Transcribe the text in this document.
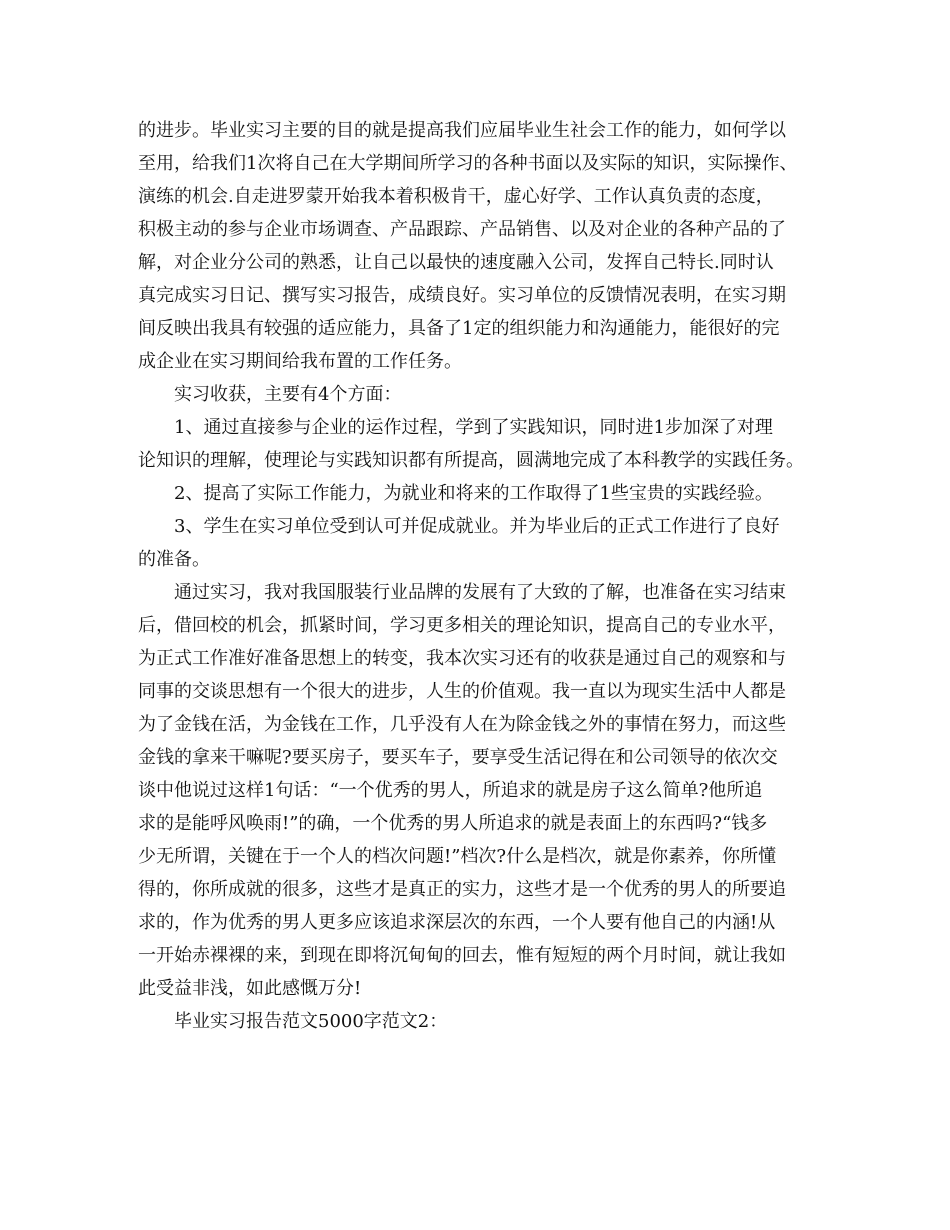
的进步。毕业实习主要的目的就是提高我们应届毕业生社会工作的能力，如何学以
至用，给我们1次将自己在大学期间所学习的各种书面以及实际的知识，实际操作、
演练的机会.自走进罗蒙开始我本着积极肯干，虚心好学、工作认真负责的态度，
积极主动的参与企业市场调查、产品跟踪、产品销售、以及对企业的各种产品的了
解，对企业分公司的熟悉，让自己以最快的速度融入公司，发挥自己特长.同时认
真完成实习日记、撰写实习报告，成绩良好。实习单位的反馈情况表明，在实习期
间反映出我具有较强的适应能力，具备了1定的组织能力和沟通能力，能很好的完
成企业在实习期间给我布置的工作任务。
实习收获，主要有4个方面：
1、通过直接参与企业的运作过程，学到了实践知识，同时进1步加深了对理
论知识的理解，使理论与实践知识都有所提高，圆满地完成了本科教学的实践任务。
2、提高了实际工作能力，为就业和将来的工作取得了1些宝贵的实践经验。
3、学生在实习单位受到认可并促成就业。并为毕业后的正式工作进行了良好
的准备。
通过实习，我对我国服装行业品牌的发展有了大致的了解，也准备在实习结束
后，借回校的机会，抓紧时间，学习更多相关的理论知识，提高自己的专业水平，
为正式工作准好准备思想上的转变，我本次实习还有的收获是通过自己的观察和与
同事的交谈思想有一个很大的进步，人生的价值观。我一直以为现实生活中人都是
为了金钱在活，为金钱在工作，几乎没有人在为除金钱之外的事情在努力，而这些
金钱的拿来干嘛呢?要买房子，要买车子，要享受生活记得在和公司领导的依次交
谈中他说过这样1句话：“一个优秀的男人，所追求的就是房子这么简单?他所追
求的是能呼风唤雨!”的确，一个优秀的男人所追求的就是表面上的东西吗?“钱多
少无所谓，关键在于一个人的档次问题!”档次?什么是档次，就是你素养，你所懂
得的，你所成就的很多，这些才是真正的实力，这些才是一个优秀的男人的所要追
求的，作为优秀的男人更多应该追求深层次的东西，一个人要有他自己的内涵!从
一开始赤裸裸的来，到现在即将沉甸甸的回去，惟有短短的两个月时间，就让我如
此受益非浅，如此感慨万分!
毕业实习报告范文5000字范文2：
